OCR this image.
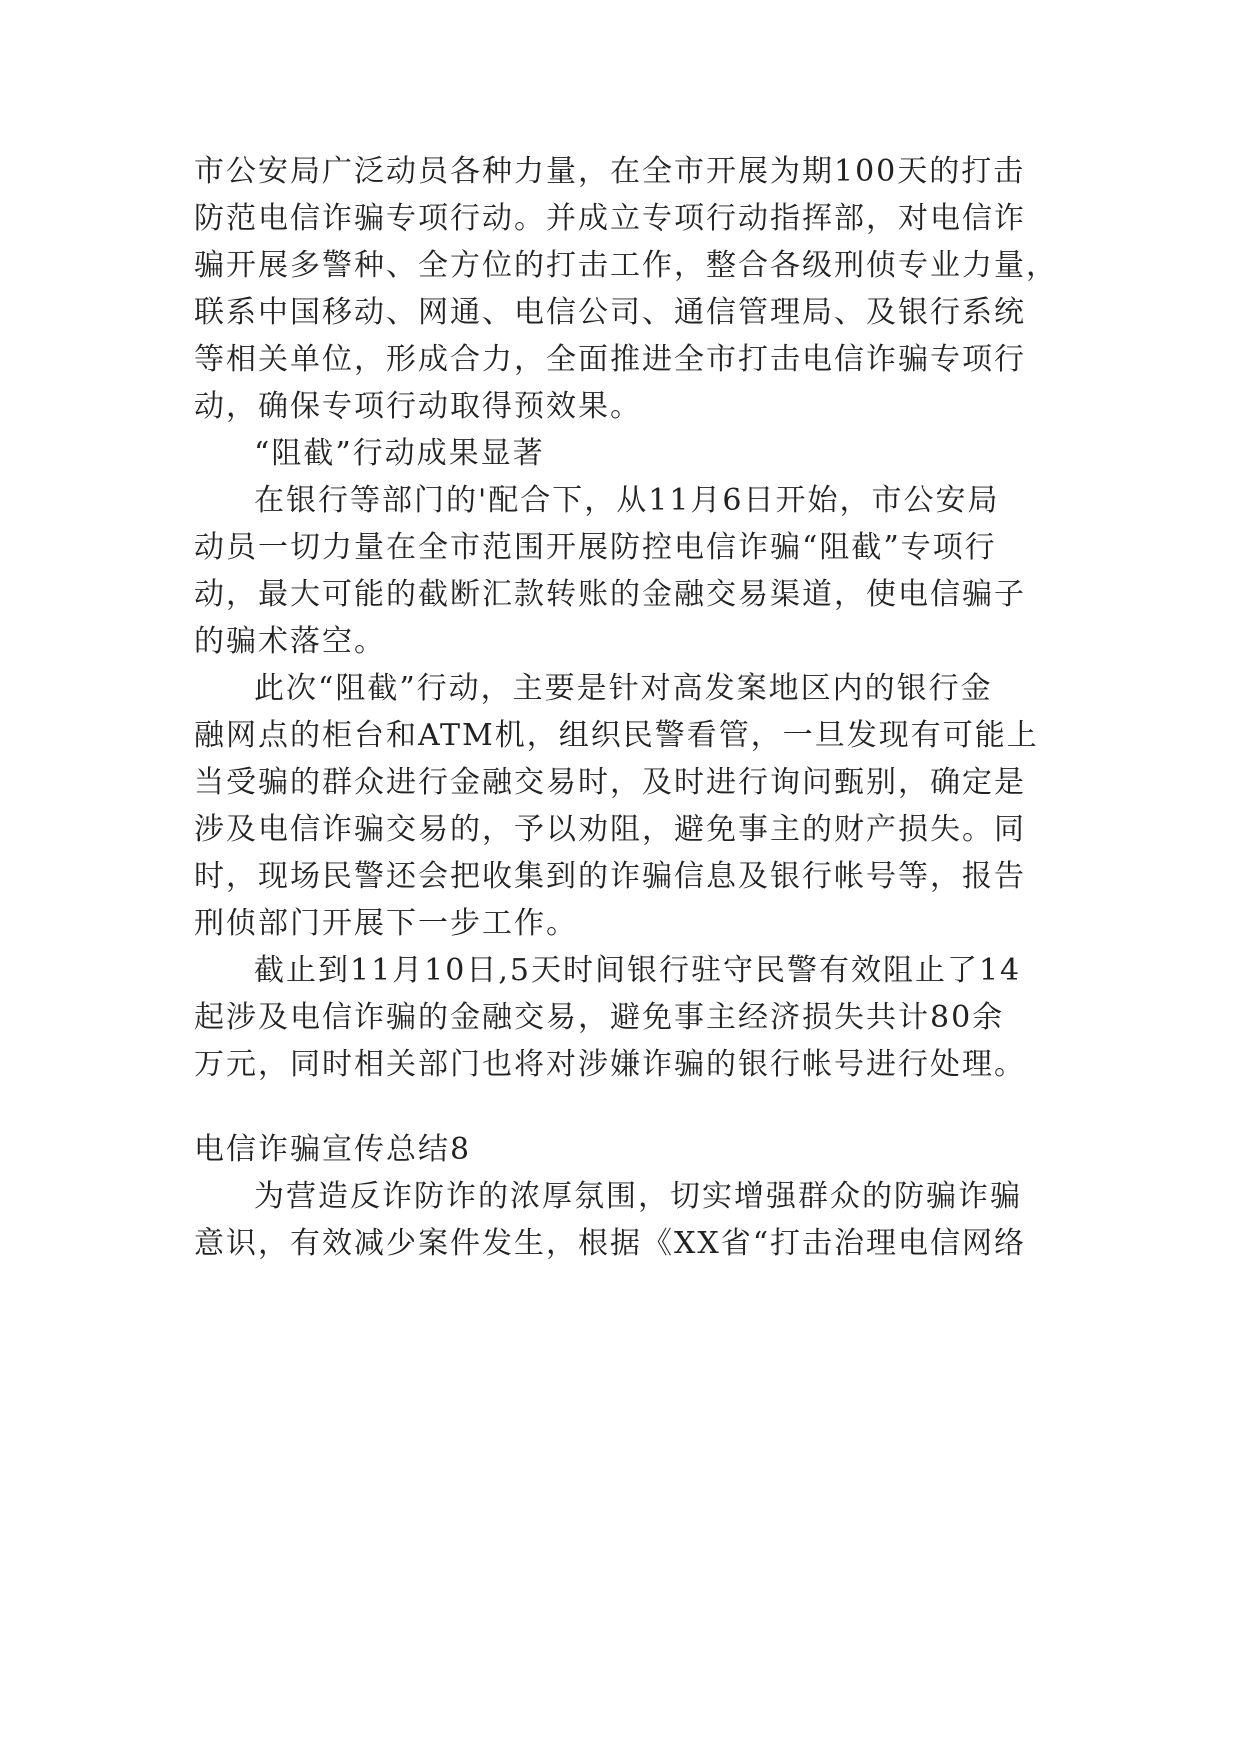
市公安局广泛动员各种力量，在全市开展为期100天的打击
防范电信诈骗专项行动。并成立专项行动指挥部，对电信诈
骗开展多警种、全方位的打击工作，整合各级刑侦专业力量，
联系中国移动、网通、电信公司、通信管理局、及银行系统
等相关单位，形成合力，全面推进全市打击电信诈骗专项行
动，确保专项行动取得预效果。
“阻截”行动成果显著
在银行等部门的'配合下，从11月6日开始，市公安局
动员一切力量在全市范围开展防控电信诈骗“阻截”专项行
动，最大可能的截断汇款转账的金融交易渠道，使电信骗子
的骗术落空。
此次“阻截”行动，主要是针对高发案地区内的银行金
融网点的柜台和ATM机，组织民警看管，一旦发现有可能上
当受骗的群众进行金融交易时，及时进行询问甄别，确定是
涉及电信诈骗交易的，予以劝阻，避免事主的财产损失。同
时，现场民警还会把收集到的诈骗信息及银行帐号等，报告
刑侦部门开展下一步工作。
截止到11月10日,5天时间银行驻守民警有效阻止了14
起涉及电信诈骗的金融交易，避免事主经济损失共计80余
万元，同时相关部门也将对涉嫌诈骗的银行帐号进行处理。
电信诈骗宣传总结8
为营造反诈防诈的浓厚氛围，切实增强群众的防骗诈骗
意识，有效减少案件发生，根据《XX省“打击治理电信网络
